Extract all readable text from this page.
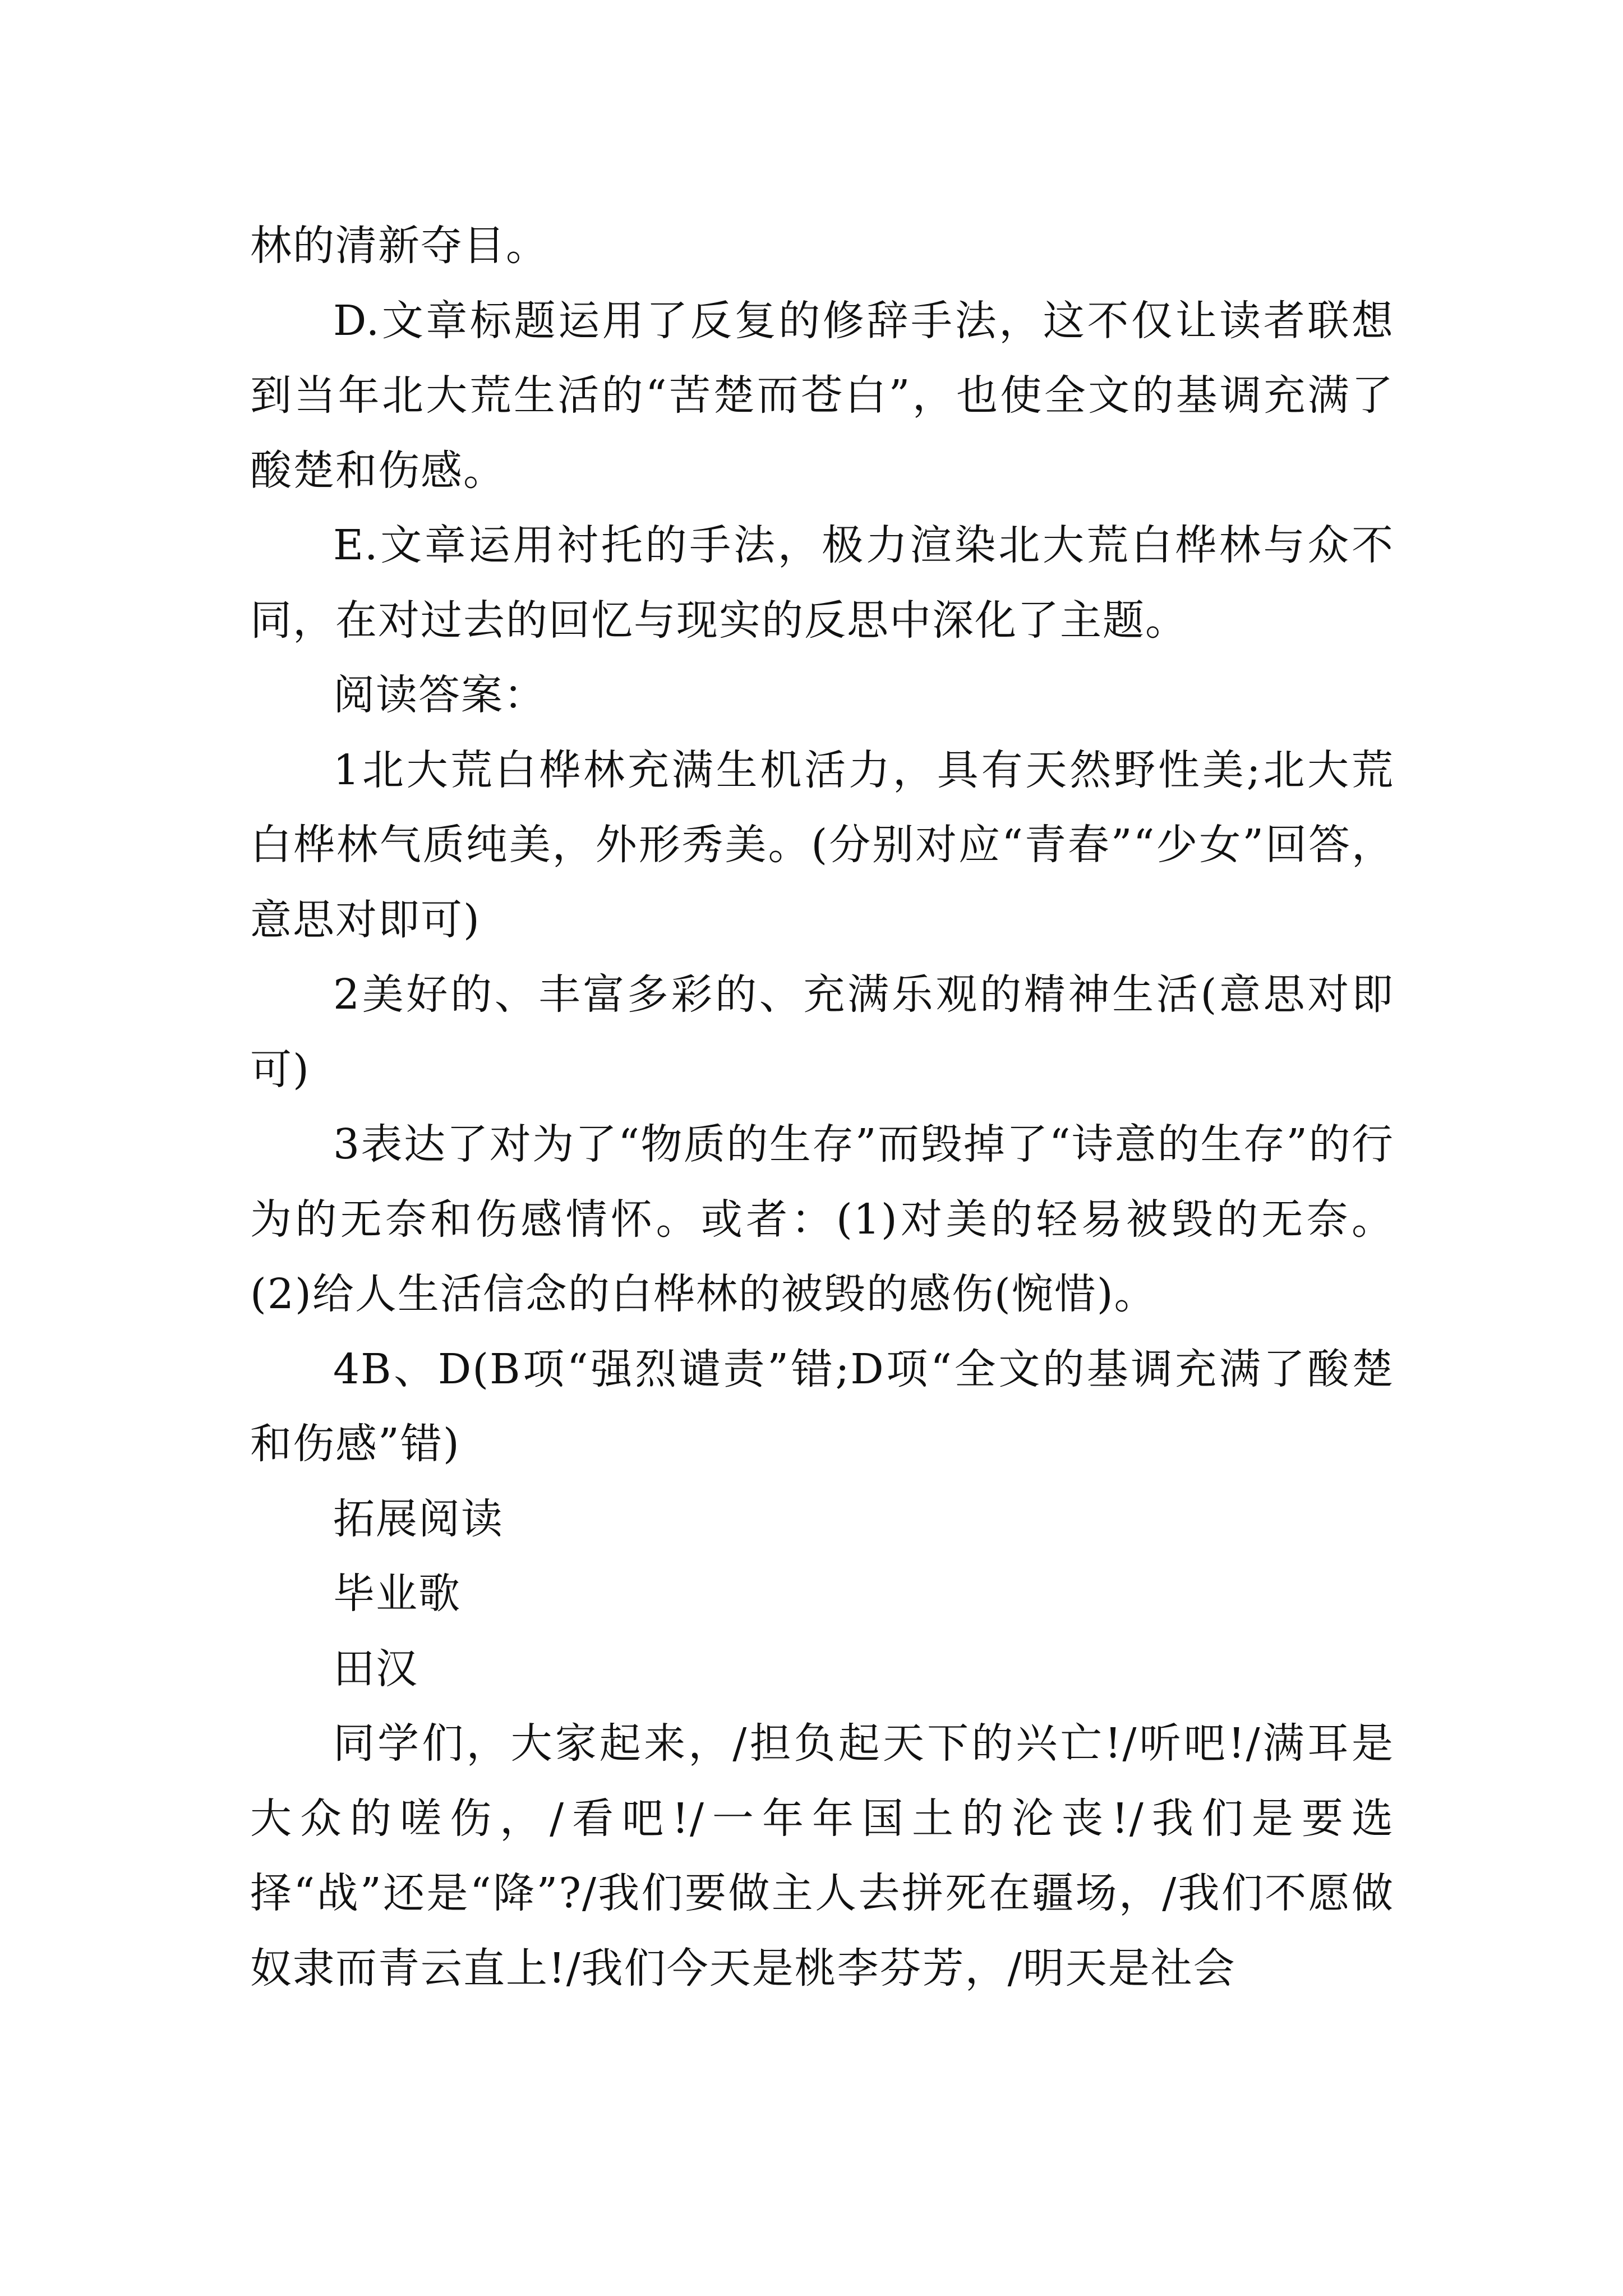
林的清新夺目。

D.文章标题运用了反复的修辞手法，这不仅让读者联想到当年北大荒生活的“苦楚而苍白”，也使全文的基调充满了酸楚和伤感。

E.文章运用衬托的手法，极力渲染北大荒白桦林与众不同，在对过去的回忆与现实的反思中深化了主题。

阅读答案：

1北大荒白桦林充满生机活力，具有天然野性美;北大荒白桦林气质纯美，外形秀美。(分别对应“青春”“少女”回答，意思对即可)

2美好的、丰富多彩的、充满乐观的精神生活(意思对即可)

3表达了对为了“物质的生存”而毁掉了“诗意的生存”的行为的无奈和伤感情怀。或者：(1)对美的轻易被毁的无奈。(2)给人生活信念的白桦林的被毁的感伤(惋惜)。

4B、D(B项“强烈谴责”错;D项“全文的基调充满了酸楚和伤感”错)

拓展阅读

毕业歌

田汉

同学们，大家起来，/担负起天下的兴亡!/听吧!/满耳是大众的嗟伤，/看吧!/一年年国土的沦丧!/我们是要选择“战”还是“降”?/我们要做主人去拼死在疆场，/我们不愿做奴隶而青云直上!/我们今天是桃李芬芳，/明天是社会
